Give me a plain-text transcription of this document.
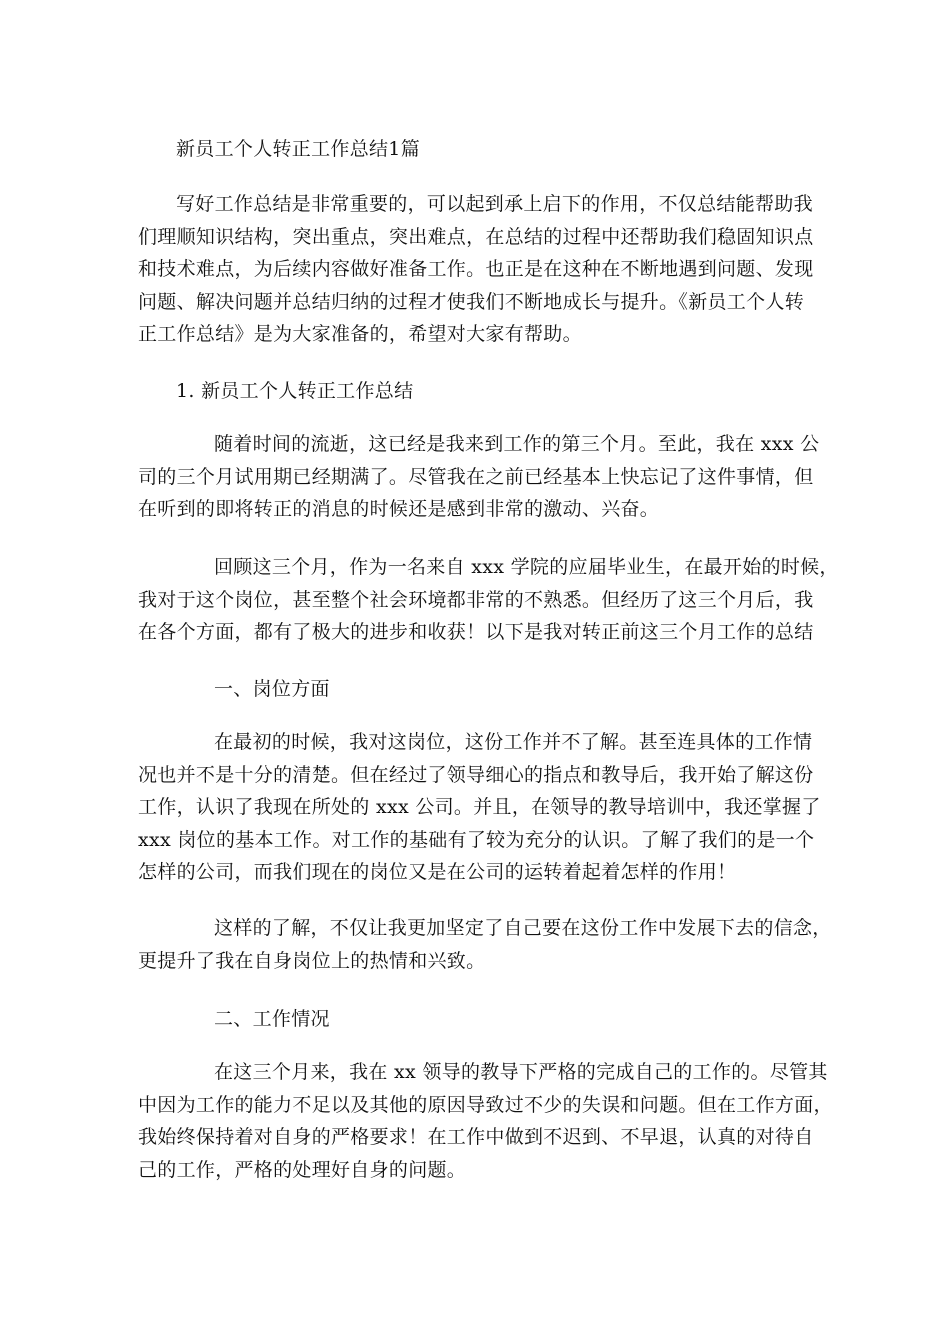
新员工个人转正工作总结1篇

写好工作总结是非常重要的，可以起到承上启下的作用，不仅总结能帮助我
们理顺知识结构，突出重点，突出难点，在总结的过程中还帮助我们稳固知识点
和技术难点，为后续内容做好准备工作。也正是在这种在不断地遇到问题、发现
问题、解决问题并总结归纳的过程才使我们不断地成长与提升。《新员工个人转
正工作总结》是为大家准备的，希望对大家有帮助。

1. 新员工个人转正工作总结

随着时间的流逝，这已经是我来到工作的第三个月。至此，我在 xxx 公
司的三个月试用期已经期满了。尽管我在之前已经基本上快忘记了这件事情，但
在听到的即将转正的消息的时候还是感到非常的激动、兴奋。
回顾这三个月，作为一名来自 xxx 学院的应届毕业生，在最开始的时候，
我对于这个岗位，甚至整个社会环境都非常的不熟悉。但经历了这三个月后，我
在各个方面，都有了极大的进步和收获！以下是我对转正前这三个月工作的总结

一、岗位方面

在最初的时候，我对这岗位，这份工作并不了解。甚至连具体的工作情
况也并不是十分的清楚。但在经过了领导细心的指点和教导后，我开始了解这份
工作，认识了我现在所处的 xxx 公司。并且，在领导的教导培训中，我还掌握了
xxx 岗位的基本工作。对工作的基础有了较为充分的认识。了解了我们的是一个
怎样的公司，而我们现在的岗位又是在公司的运转着起着怎样的作用！
这样的了解，不仅让我更加坚定了自己要在这份工作中发展下去的信念，
更提升了我在自身岗位上的热情和兴致。

二、工作情况

在这三个月来，我在 xx 领导的教导下严格的完成自己的工作的。尽管其
中因为工作的能力不足以及其他的原因导致过不少的失误和问题。但在工作方面，
我始终保持着对自身的严格要求！在工作中做到不迟到、不早退，认真的对待自
己的工作，严格的处理好自身的问题。
